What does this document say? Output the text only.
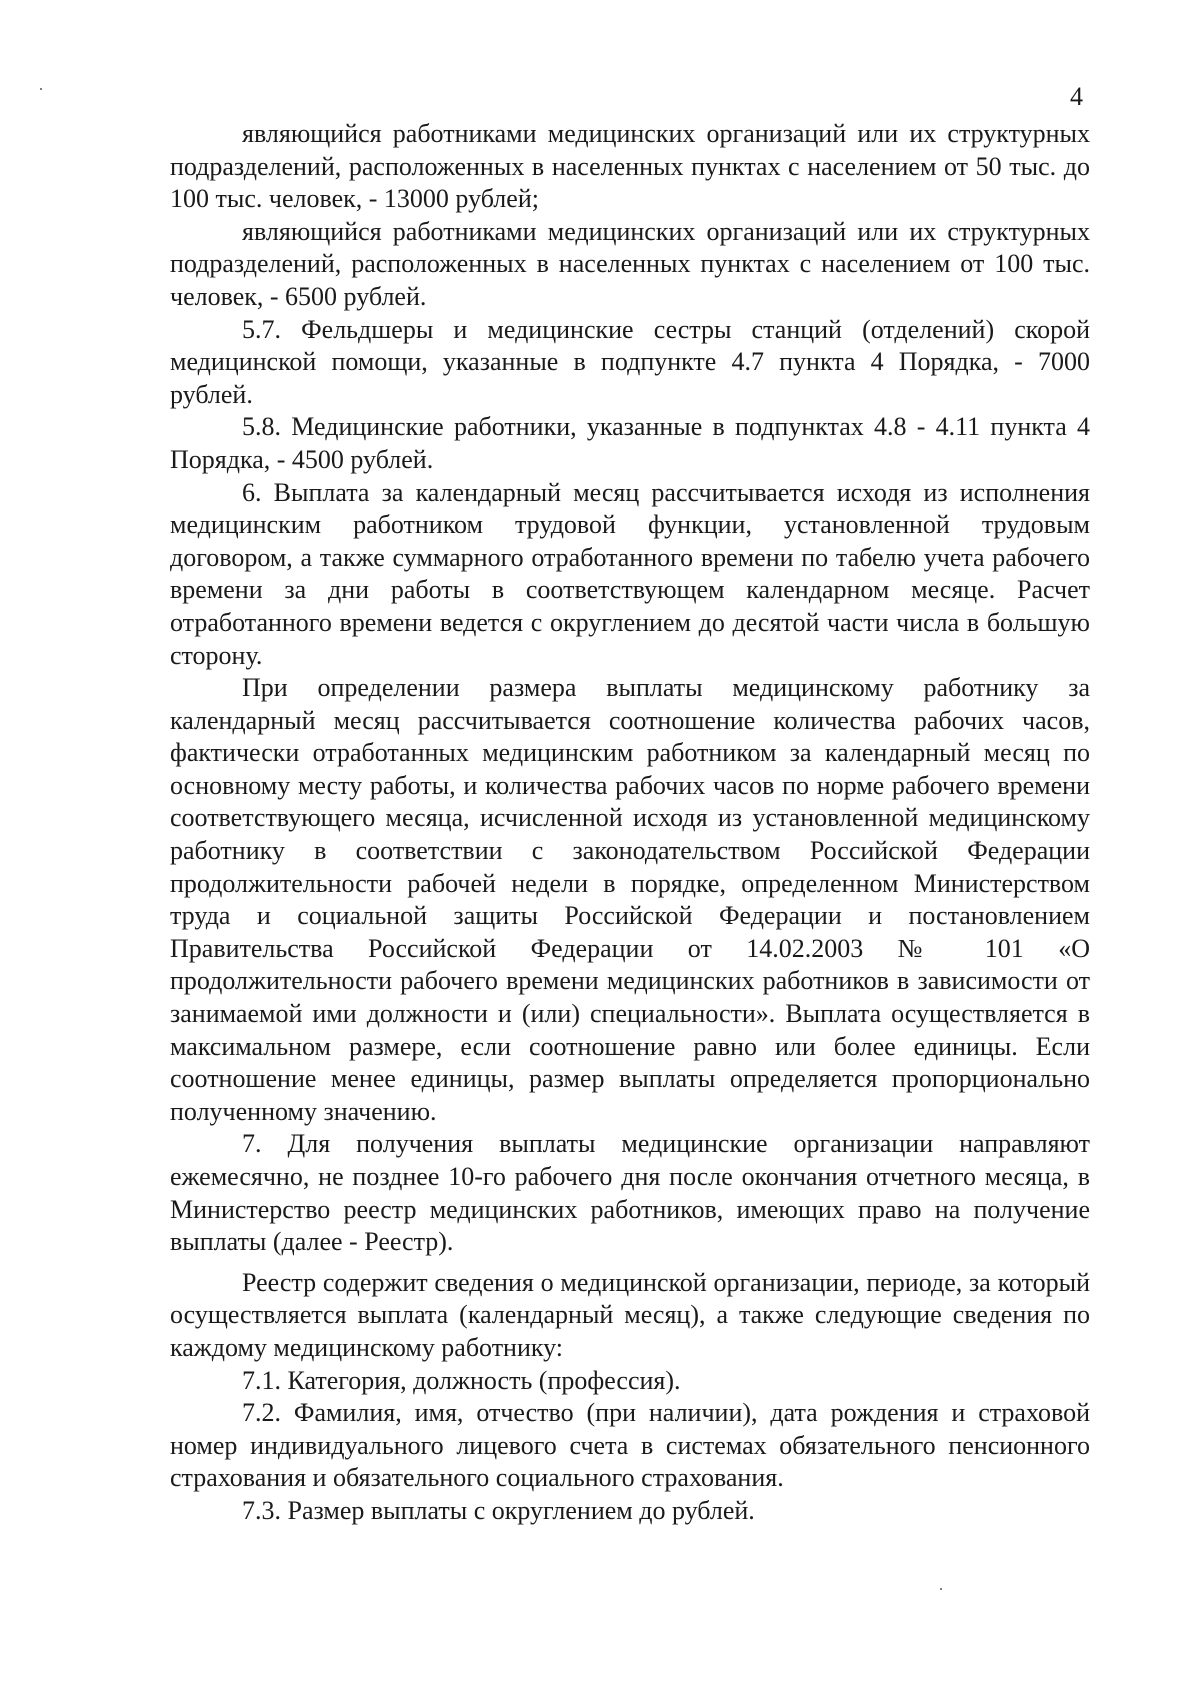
4

являющийся работниками медицинских организаций или их структурных подразделений, расположенных в населенных пунктах с населением от 50 тыс. до 100 тыс. человек, - 13000 рублей;

являющийся работниками медицинских организаций или их структурных подразделений, расположенных в населенных пунктах с населением от 100 тыс. человек, - 6500 рублей.

5.7. Фельдшеры и медицинские сестры станций (отделений) скорой медицинской помощи, указанные в подпункте 4.7 пункта 4 Порядка, - 7000 рублей.

5.8. Медицинские работники, указанные в подпунктах 4.8 - 4.11 пункта 4 Порядка, - 4500 рублей.

6. Выплата за календарный месяц рассчитывается исходя из исполнения медицинским работником трудовой функции, установленной трудовым договором, а также суммарного отработанного времени по табелю учета рабочего времени за дни работы в соответствующем календарном месяце. Расчет отработанного времени ведется с округлением до десятой части числа в большую сторону.

При определении размера выплаты медицинскому работнику за календарный месяц рассчитывается соотношение количества рабочих часов, фактически отработанных медицинским работником за календарный месяц по основному месту работы, и количества рабочих часов по норме рабочего времени соответствующего месяца, исчисленной исходя из установленной медицинскому работнику в соответствии с законодательством Российской Федерации продолжительности рабочей недели в порядке, определенном Министерством труда и социальной защиты Российской Федерации и постановлением Правительства Российской Федерации от 14.02.2003 № 101 «О продолжительности рабочего времени медицинских работников в зависимости от занимаемой ими должности и (или) специальности». Выплата осуществляется в максимальном размере, если соотношение равно или более единицы. Если соотношение менее единицы, размер выплаты определяется пропорционально полученному значению.

7. Для получения выплаты медицинские организации направляют ежемесячно, не позднее 10-го рабочего дня после окончания отчетного месяца, в Министерство реестр медицинских работников, имеющих право на получение выплаты (далее - Реестр).

Реестр содержит сведения о медицинской организации, периоде, за который осуществляется выплата (календарный месяц), а также следующие сведения по каждому медицинскому работнику:

7.1. Категория, должность (профессия).

7.2. Фамилия, имя, отчество (при наличии), дата рождения и страховой номер индивидуального лицевого счета в системах обязательного пенсионного страхования и обязательного социального страхования.

7.3. Размер выплаты с округлением до рублей.
